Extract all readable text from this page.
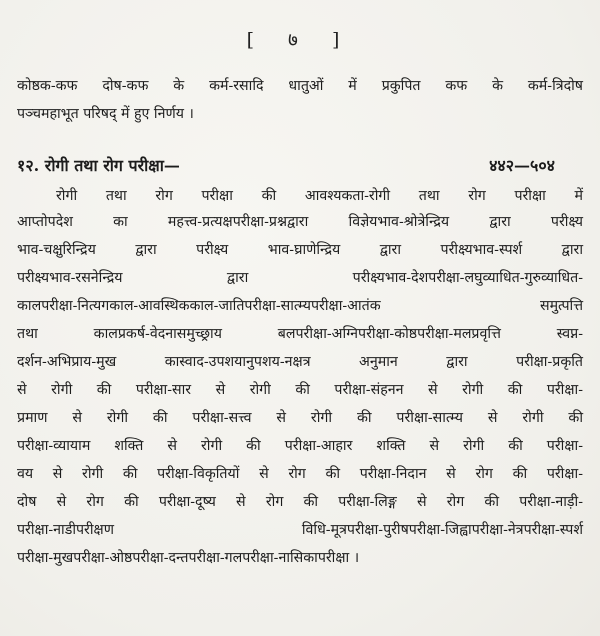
[ ७ ]
कोष्ठक-कफ दोष-कफ के कर्म-रसादि धातुओं में प्रकुपित कफ के कर्म-त्रिदोष
पञ्चमहाभूत परिषद् में हुए निर्णय ।
१२. रोगी तथा रोग परीक्षा—	४४२—५०४
रोगी तथा रोग परीक्षा की आवश्यकता-रोगी तथा रोग परीक्षा में
आप्तोपदेश का महत्त्व-प्रत्यक्षपरीक्षा-प्रश्नद्वारा विज्ञेयभाव-श्रोत्रेन्द्रिय द्वारा परीक्ष्य
भाव-चक्षुरिन्द्रिय द्वारा परीक्ष्य भाव-घ्राणेन्द्रिय द्वारा परीक्ष्यभाव-स्पर्श द्वारा
परीक्ष्यभाव-रसनेन्द्रिय द्वारा परीक्ष्यभाव-देशपरीक्षा-लघुव्याधित-गुरुव्याधित-
कालपरीक्षा-नित्यगकाल-आवस्थिककाल-जातिपरीक्षा-सात्म्यपरीक्षा-आतंक समुत्पत्ति
तथा कालप्रकर्ष-वेदनासमुच्छ्राय बलपरीक्षा-अग्निपरीक्षा-कोष्ठपरीक्षा-मलप्रवृत्ति स्वप्न-
दर्शन-अभिप्राय-मुख कास्वाद-उपशयानुपशय-नक्षत्र अनुमान द्वारा परीक्षा-प्रकृति
से रोगी की परीक्षा-सार से रोगी की परीक्षा-संहनन से रोगी की परीक्षा-
प्रमाण से रोगी की परीक्षा-सत्त्व से रोगी की परीक्षा-सात्म्य से रोगी की
परीक्षा-व्यायाम शक्ति से रोगी की परीक्षा-आहार शक्ति से रोगी की परीक्षा-
वय से रोगी की परीक्षा-विकृतियों से रोग की परीक्षा-निदान से रोग की परीक्षा-
दोष से रोग की परीक्षा-दूष्य से रोग की परीक्षा-लिङ्ग से रोग की परीक्षा-नाड़ी-
परीक्षा-नाडीपरीक्षण विधि-मूत्रपरीक्षा-पुरीषपरीक्षा-जिह्वापरीक्षा-नेत्रपरीक्षा-स्पर्श
परीक्षा-मुखपरीक्षा-ओष्ठपरीक्षा-दन्तपरीक्षा-गलपरीक्षा-नासिकापरीक्षा ।
